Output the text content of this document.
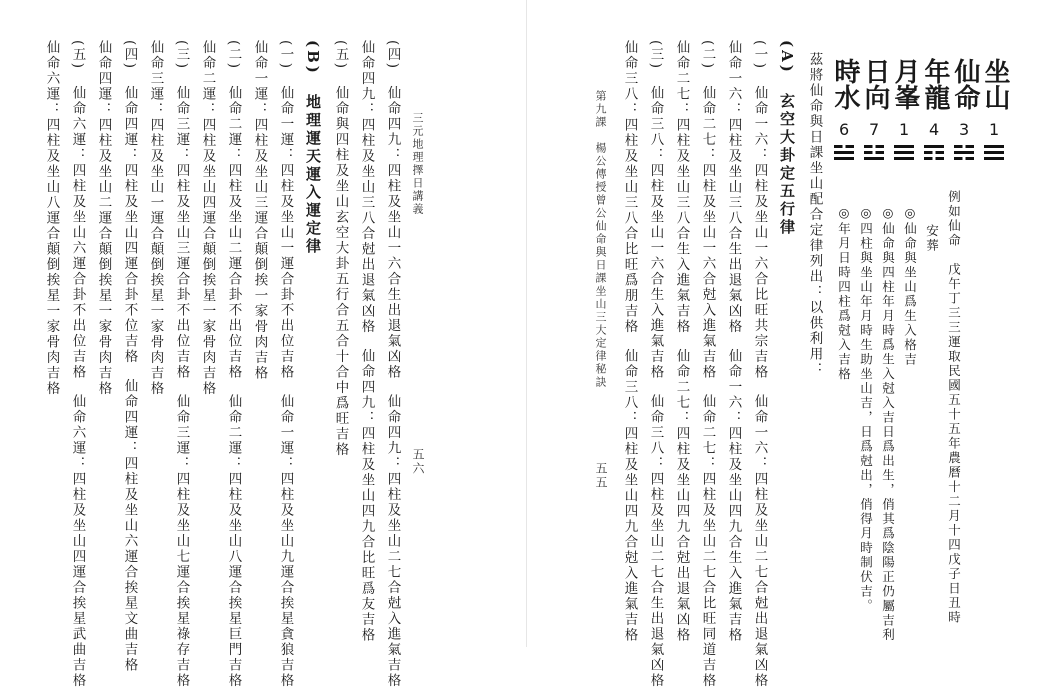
三元地理擇日講義
(四)　仙命四九：四柱及坐山一六合生出退氣凶格仙命四九：四柱及坐山二七合尅入進氣吉格
仙命四九：四柱及坐山三八合尅出退氣凶格仙命四九：四柱及坐山四九合比旺爲友吉格
(五)　仙命與四柱及坐山玄空大卦五行合五合十合中爲旺吉格
(B)　地理運天運入運定律
(一)　仙命一運：四柱及坐山一運合卦不出位吉格仙命一運：四柱及坐山九運合挨星貪狼吉格
仙命一運：四柱及坐山三運合顛倒挨一家骨肉吉格
(二)　仙命二運：四柱及坐山二運合卦不出位吉格仙命二運：四柱及坐山八運合挨星巨門吉格
仙命二運：四柱及坐山四運合顛倒挨星一家骨肉吉格
(三)　仙命三運：四柱及坐山三運合卦不出位吉格仙命三運：四柱及坐山七運合挨星祿存吉格
仙命三運：四柱及坐山一運合顛倒挨星一家骨肉吉格
(四)　仙命四運：四柱及坐山四運合卦不位吉格仙命四運：四柱及坐山六運合挨星文曲吉格
仙命四運：四柱及坐山二運合顛倒挨星一家骨肉吉格
(五)　仙命六運：四柱及坐山六運合卦不出位吉格仙命六運：四柱及坐山四運合挨星武曲吉格
仙命六運：四柱及坐山八運合顛倒挨星一家骨肉吉格
五六
坐山
仙命
年龍
月峯
日向
時水
1
3
4
1
7
6
例如仙命　戊午丁三三運取民國五十五年農曆十二月十四戊子日丑時
安葬
◎仙命與坐山爲生入格吉
◎仙命與四柱年月時爲生入尅入吉日爲出生，俏其爲陰陽正仍屬吉利
◎四柱與坐山年月時生助坐山吉，日爲尅出，俏得月時制伏吉。
◎年月日時四柱爲尅入吉格
茲將仙命與日課坐山配合定律列出：以供利用：
(A)　玄空大卦定五行律
(一)　仙命一六：四柱及坐山一六合比旺共宗吉格仙命一六：四柱及坐山二七合尅出退氣凶格
仙命一六：四柱及坐山三八合生出退氣凶格仙命一六：四柱及坐山四九合生入進氣吉格
(二)　仙命二七：四柱及坐山一六合尅入進氣吉格仙命二七：四柱及坐山二七合比旺同道吉格
仙命二七：四柱及坐山三八合生入進氣吉格仙命二七：四柱及坐山四九合尅出退氣凶格
(三)　仙命三八：四柱及坐山一六合生入進氣吉格仙命三八：四柱及坐山二七合生出退氣凶格
仙命三八：四柱及坐山三八合比旺爲朋吉格仙命三八：四柱及坐山四九合尅入進氣吉格
第九課　楊公傳授曾公仙命與日課坐山三大定律秘訣
五五
